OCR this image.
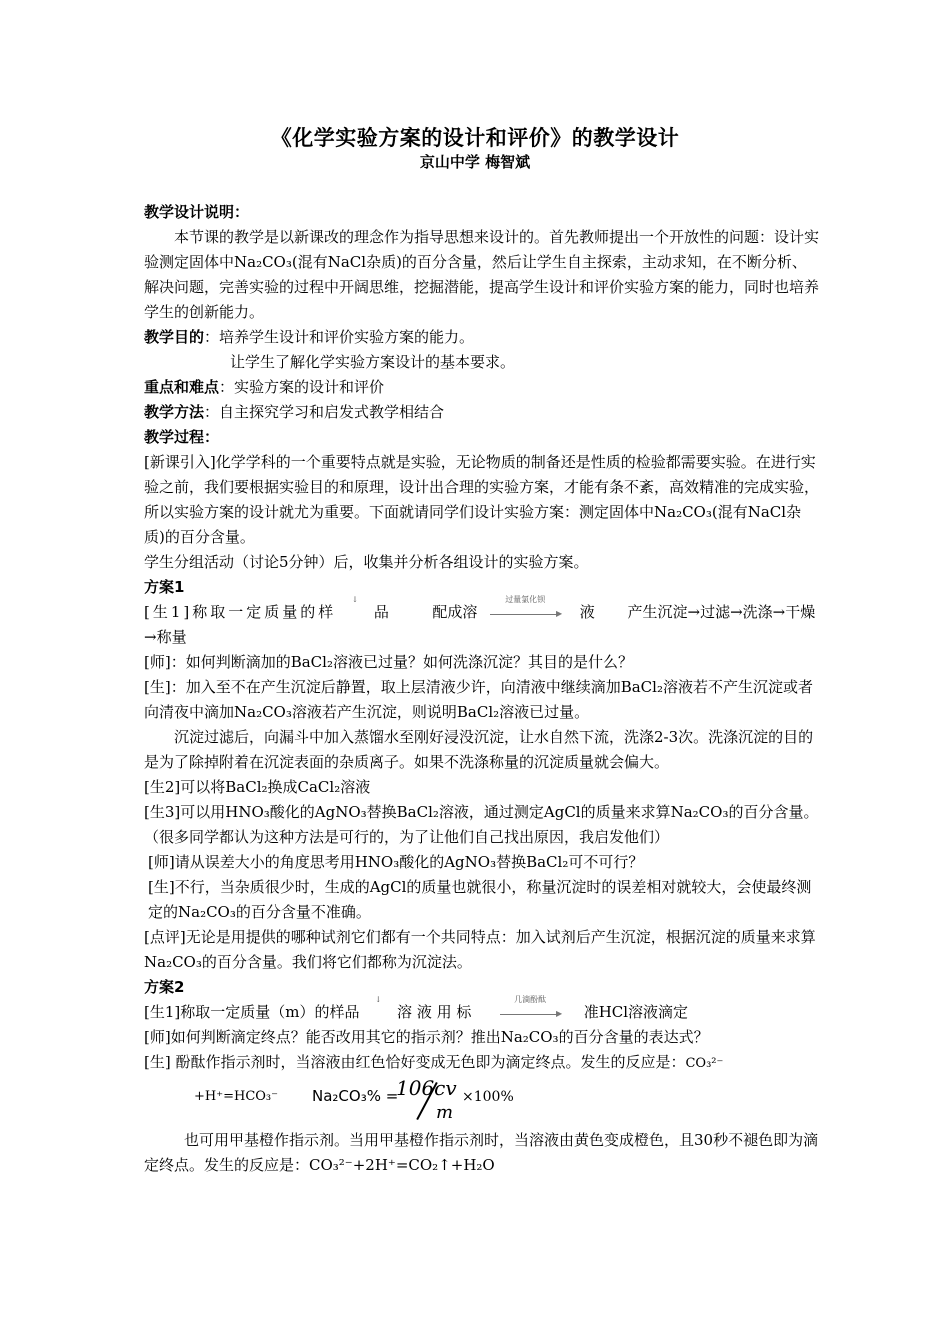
《化学实验方案的设计和评价》的教学设计
京山中学 梅智斌

教学设计说明：

本节课的教学是以新课改的理念作为指导思想来设计的。首先教师提出一个开放性的问题：设计实验测定固体中Na₂CO₃(混有NaCl杂质)的百分含量，然后让学生自主探索，主动求知，在不断分析、解决问题，完善实验的过程中开阔思维，挖掘潜能，提高学生设计和评价实验方案的能力，同时也培养学生的创新能力。

教学目的：培养学生设计和评价实验方案的能力。

让学生了解化学实验方案设计的基本要求。

重点和难点：实验方案的设计和评价

教学方法：自主探究学习和启发式教学相结合

教学过程：

[新课引入]化学学科的一个重要特点就是实验，无论物质的制备还是性质的检验都需要实验。在进行实验之前，我们要根据实验目的和原理，设计出合理的实验方案，才能有条不紊，高效精准的完成实验，所以实验方案的设计就尤为重要。下面就请同学们设计实验方案：测定固体中Na₂CO₃(混有NaCl杂质)的百分含量。

学生分组活动（讨论5分钟）后，收集并分析各组设计的实验方案。

方案1

[生1]称取一定质量的样
↓
品	配成溶
过量氯化钡
▶ 液 产生沉淀→过滤→洗涤→干燥→称量

[师]：如何判断滴加的BaCl₂溶液已过量？如何洗涤沉淀？其目的是什么？

[生]：加入至不在产生沉淀后静置，取上层清液少许，向清液中继续滴加BaCl₂溶液若不产生沉淀或者向清夜中滴加Na₂CO₃溶液若产生沉淀，则说明BaCl₂溶液已过量。

沉淀过滤后，向漏斗中加入蒸馏水至刚好浸没沉淀，让水自然下流，洗涤2-3次。洗涤沉淀的目的是为了除掉附着在沉淀表面的杂质离子。如果不洗涤称量的沉淀质量就会偏大。

[生2]可以将BaCl₂换成CaCl₂溶液

[生3]可以用HNO₃酸化的AgNO₃替换BaCl₂溶液，通过测定AgCl的质量来求算Na₂CO₃的百分含量。

（很多同学都认为这种方法是可行的，为了让他们自己找出原因，我启发他们）

[师]请从误差大小的角度思考用HNO₃酸化的AgNO₃替换BaCl₂可不可行？

[生]不行，当杂质很少时，生成的AgCl的质量也就很小，称量沉淀时的误差相对就较大，会使最终测定的Na₂CO₃的百分含量不准确。

[点评]无论是用提供的哪种试剂它们都有一个共同特点：加入试剂后产生沉淀，根据沉淀的质量来求算Na₂CO₃的百分含量。我们将它们都称为沉淀法。

方案2

[生1]称取一定质量（m）的样品
↓
溶 液 用 标
几滴酚酞
▶ 准HCl溶液滴定

[师]如何判断滴定终点？能否改用其它的指示剂？推出Na₂CO₃的百分含量的表达式？

[生] 酚酞作指示剂时，当溶液由红色恰好变成无色即为滴定终点。发生的反应是：CO₃²⁻

+H⁺=HCO₃⁻ Na₂CO₃% =
106cv
m
×100%

也可用甲基橙作指示剂。当用甲基橙作指示剂时，当溶液由黄色变成橙色，且30秒不褪色即为滴定终点。发生的反应是：CO₃²⁻+2H⁺=CO₂↑+H₂O
